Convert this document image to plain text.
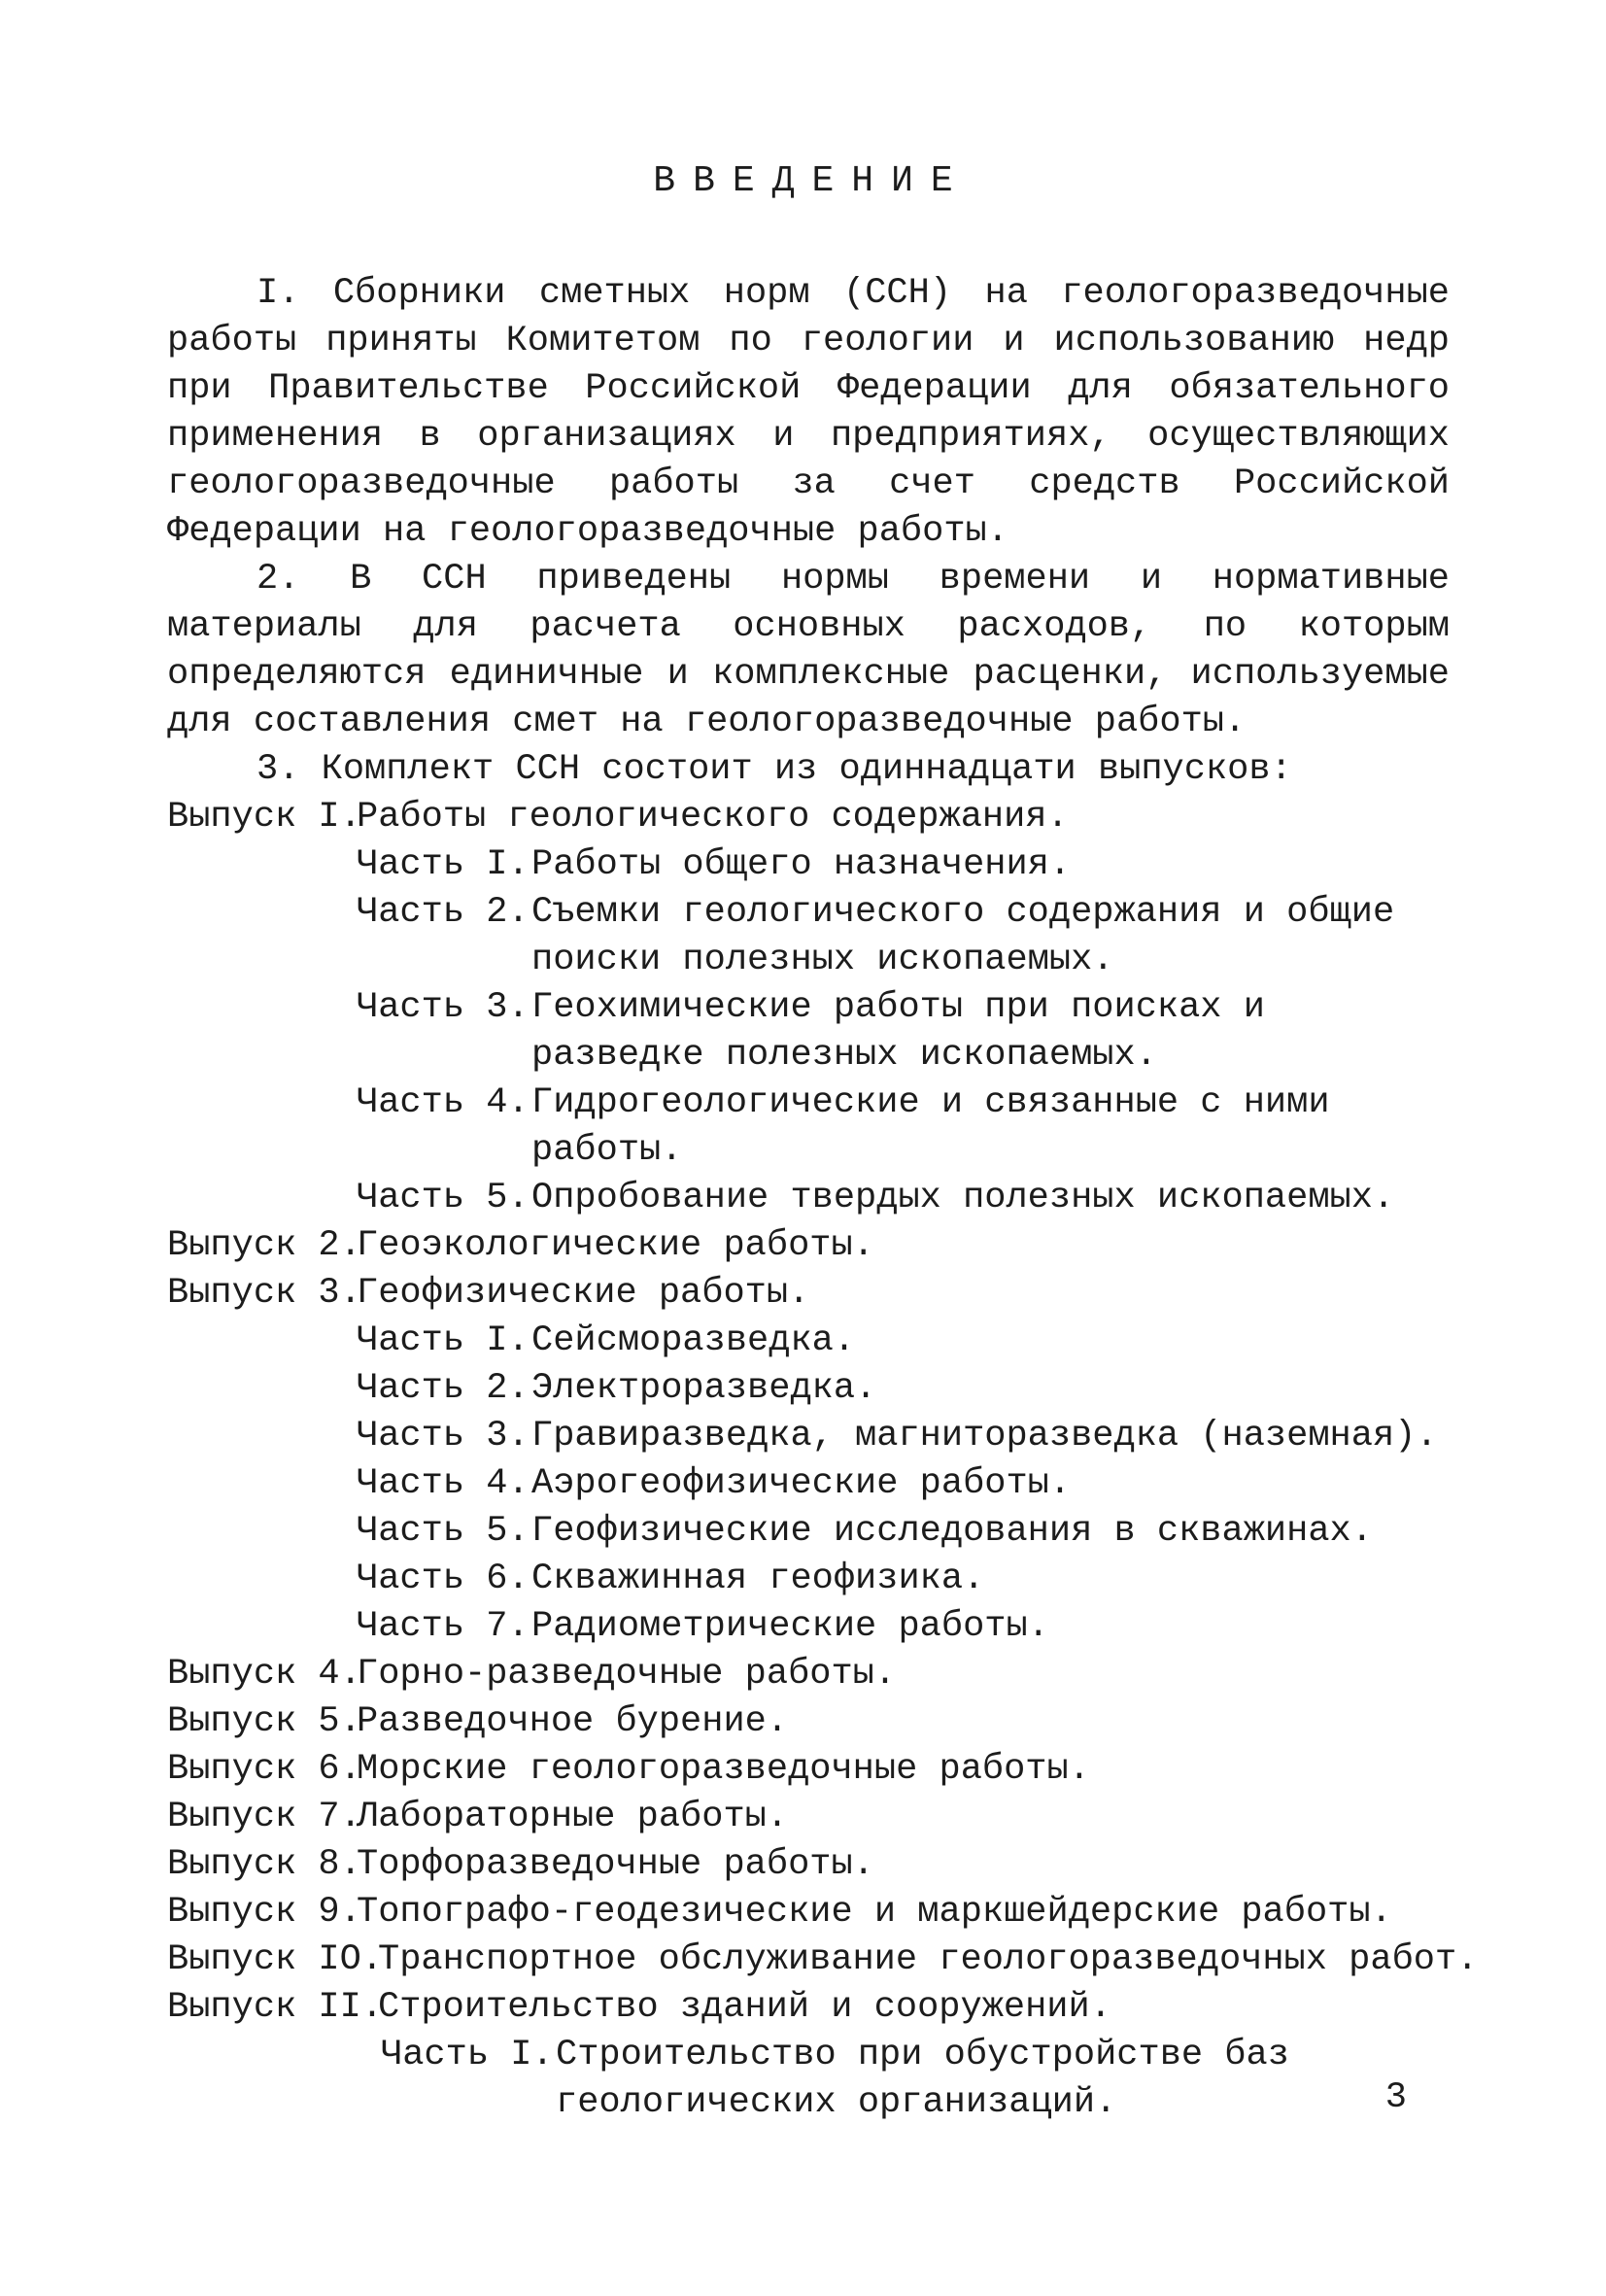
ВВЕДЕНИЕ

I. Сборники сметных норм (ССН) на геологоразведочные работы приняты Комитетом по геологии и использованию недр при Правительстве Российской Федерации для обязательного применения в организациях и предприятиях, осуществляющих геологоразведочные работы за счет средств Российской Федерации на геологоразведочные работы.

2. В ССН приведены нормы времени и нормативные материалы для расчета основных расходов, по которым определяются единичные и комплексные расценки, используемые для составления смет на геологоразведочные работы.

3. Комплект ССН состоит из одиннадцати выпусков:
Выпуск I.
Работы геологического содержания.
Часть I. Работы общего назначения.
Часть 2. Съемки геологического содержания и общие поиски полезных ископаемых.
Часть 3. Геохимические работы при поисках и разведке полезных ископаемых.
Часть 4. Гидрогеологические и связанные с ними работы.
Часть 5. Опробование твердых полезных ископаемых.
Выпуск 2.
Геоэкологические работы.
Выпуск 3.
Геофизические работы.
Часть I. Сейсморазведка.
Часть 2. Электроразведка.
Часть 3. Гравиразведка, магниторазведка (наземная).
Часть 4. Аэрогеофизические работы.
Часть 5. Геофизические исследования в скважинах.
Часть 6. Скважинная геофизика.
Часть 7. Радиометрические работы.
Выпуск 4.
Горно-разведочные работы.
Выпуск 5.
Разведочное бурение.
Выпуск 6.
Морские геологоразведочные работы.
Выпуск 7.
Лабораторные работы.
Выпуск 8.
Торфоразведочные работы.
Выпуск 9.
Топографо-геодезические и маркшейдерские работы.
Выпуск IO.
Транспортное обслуживание геологоразведочных работ.
Выпуск II.
Строительство зданий и сооружений.
Часть I. Строительство при обустройстве баз геологических организаций.	3
